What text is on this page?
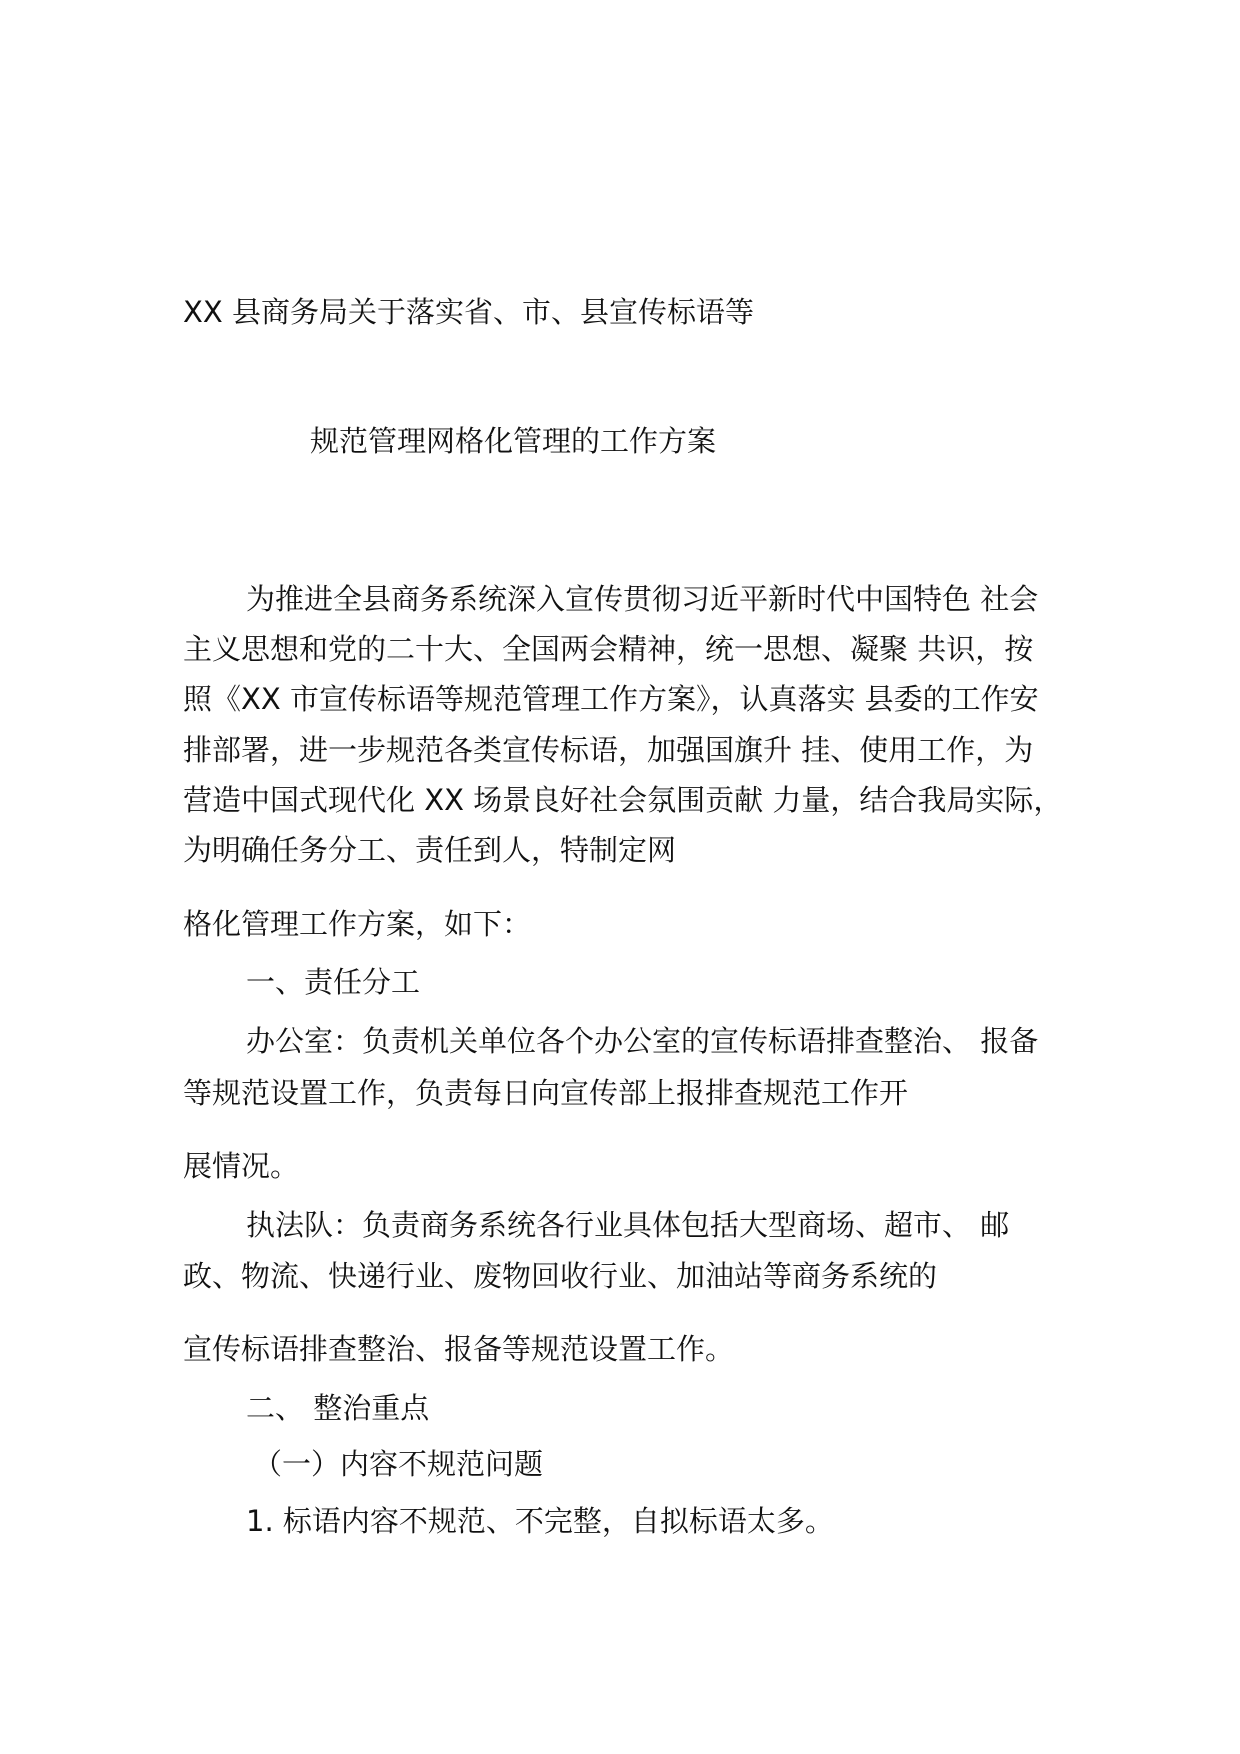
XX 县商务局关于落实省、市、县宣传标语等
规范管理网格化管理的工作方案
为推进全县商务系统深入宣传贯彻习近平新时代中国特色 社会
主义思想和党的二十大、全国两会精神，统一思想、凝聚 共识，按
照《XX 市宣传标语等规范管理工作方案》，认真落实 县委的工作安
排部署，进一步规范各类宣传标语，加强国旗升 挂、使用工作，为
营造中国式现代化 XX 场景良好社会氛围贡献 力量，结合我局实际，
为明确任务分工、责任到人，特制定网
格化管理工作方案，如下：
一、责任分工
办公室：负责机关单位各个办公室的宣传标语排查整治、 报备
等规范设置工作，负责每日向宣传部上报排查规范工作开
展情况。
执法队：负责商务系统各行业具体包括大型商场、超市、 邮
政、物流、快递行业、废物回收行业、加油站等商务系统的
宣传标语排查整治、报备等规范设置工作。
二、 整治重点
（一）内容不规范问题
1. 标语内容不规范、不完整，自拟标语太多。
